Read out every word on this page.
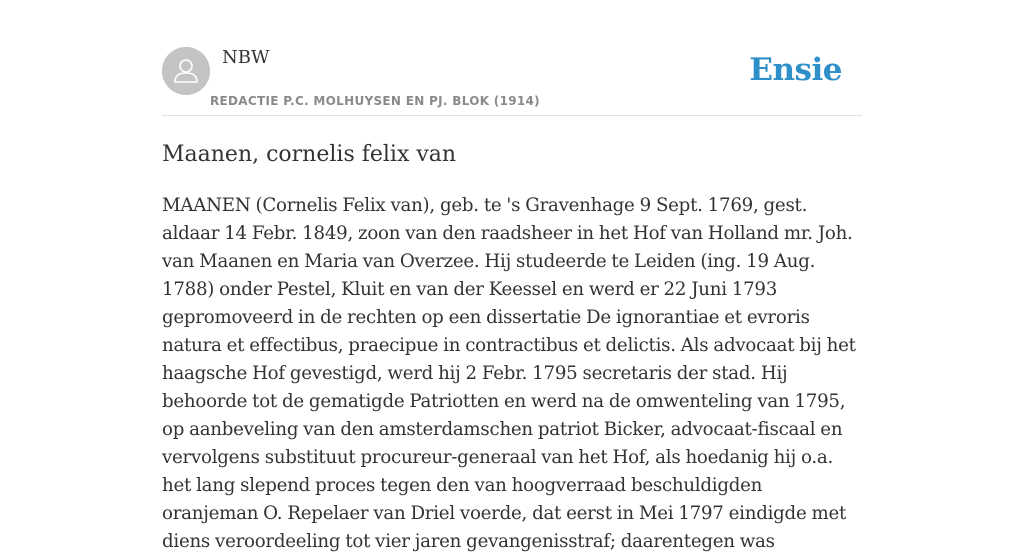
NBW
REDACTIE P.C. MOLHUYSEN EN PJ. BLOK (1914)
Ensie
Maanen, cornelis felix van

MAANEN (Cornelis Felix van), geb. te 's Gravenhage 9 Sept. 1769, gest. aldaar 14 Febr. 1849, zoon van den raadsheer in het Hof van Holland mr. Joh. van Maanen en Maria van Overzee. Hij studeerde te Leiden (ing. 19 Aug. 1788) onder Pestel, Kluit en van der Keessel en werd er 22 Juni 1793 gepromoveerd in de rechten op een dissertatie De ignorantiae et evroris natura et effectibus, praecipue in contractibus et delictis. Als advocaat bij het haagsche Hof gevestigd, werd hij 2 Febr. 1795 secretaris der stad. Hij behoorde tot de gematigde Patriotten en werd na de omwenteling van 1795, op aanbeveling van den amsterdamschen patriot Bicker, advocaat-fiscaal en vervolgens substituut procureur-generaal van het Hof, als hoedanig hij o.a. het lang slepend proces tegen den van hoogverraad beschuldigden oranjeman O. Repelaer van Driel voerde, dat eerst in Mei 1797 eindigde met diens veroordeeling tot vier jaren gevangenisstraf; daarentegen was
